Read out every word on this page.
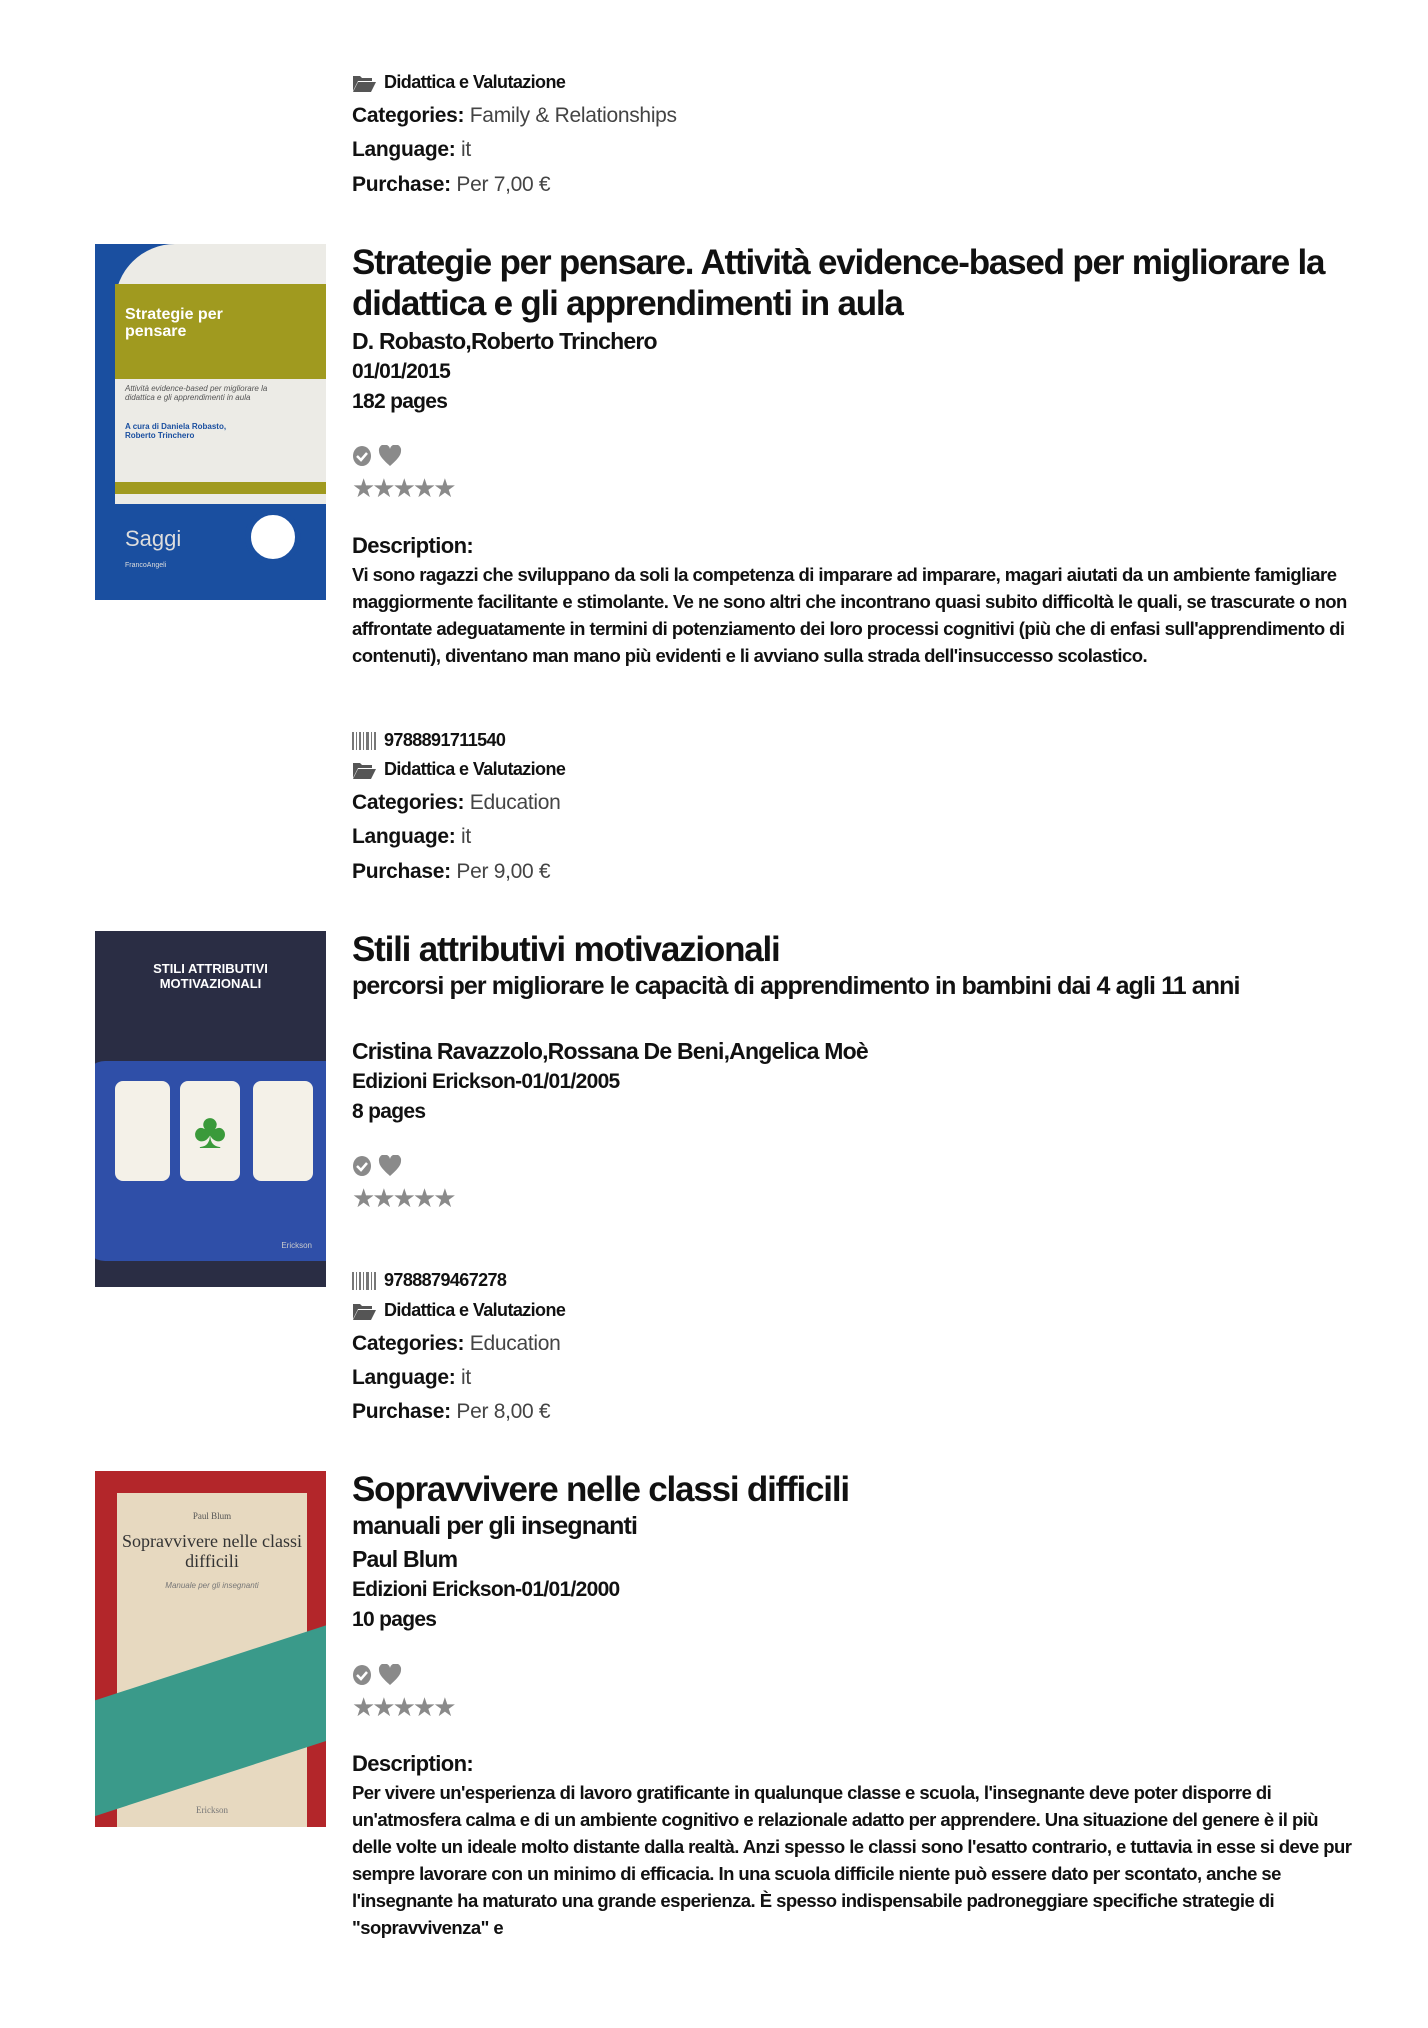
Didattica e Valutazione
Categories: Family & Relationships
Language: it
Purchase: Per 7,00 €
Strategie per pensare
Attività evidence-based per migliorare la didattica e gli apprendimenti in aula
A cura di Daniela Robasto, Roberto Trinchero
Saggi
FrancoAngeli
Strategie per pensare. Attività evidence-based per migliorare la didattica e gli apprendimenti in aula
D. Robasto,Roberto Trinchero
01/01/2015
182 pages
★★★★★
Description:
Vi sono ragazzi che sviluppano da soli la competenza di imparare ad imparare, magari aiutati da un ambiente famigliare maggiormente facilitante e stimolante. Ve ne sono altri che incontrano quasi subito difficoltà le quali, se trascurate o non affrontate adeguatamente in termini di potenziamento dei loro processi cognitivi (più che di enfasi sull'apprendimento di contenuti), diventano man mano più evidenti e li avviano sulla strada dell'insuccesso scolastico.
9788891711540
Didattica e Valutazione
Categories: Education
Language: it
Purchase: Per 9,00 €
STILI ATTRIBUTIVI MOTIVAZIONALI
♣
Erickson
Stili attributivi motivazionali
percorsi per migliorare le capacità di apprendimento in bambini dai 4 agli 11 anni
Cristina Ravazzolo,Rossana De Beni,Angelica Moè
Edizioni Erickson-01/01/2005
8 pages
★★★★★
9788879467278
Didattica e Valutazione
Categories: Education
Language: it
Purchase: Per 8,00 €
Paul Blum
Sopravvivere nelle classi difficili
Manuale per gli insegnanti
Erickson
Sopravvivere nelle classi difficili
manuali per gli insegnanti
Paul Blum
Edizioni Erickson-01/01/2000
10 pages
★★★★★
Description:
Per vivere un'esperienza di lavoro gratificante in qualunque classe e scuola, l'insegnante deve poter disporre di un'atmosfera calma e di un ambiente cognitivo e relazionale adatto per apprendere. Una situazione del genere è il più delle volte un ideale molto distante dalla realtà. Anzi spesso le classi sono l'esatto contrario, e tuttavia in esse si deve pur sempre lavorare con un minimo di efficacia. In una scuola difficile niente può essere dato per scontato, anche se l'insegnante ha maturato una grande esperienza. È spesso indispensabile padroneggiare specifiche strategie di "sopravvivenza" e
